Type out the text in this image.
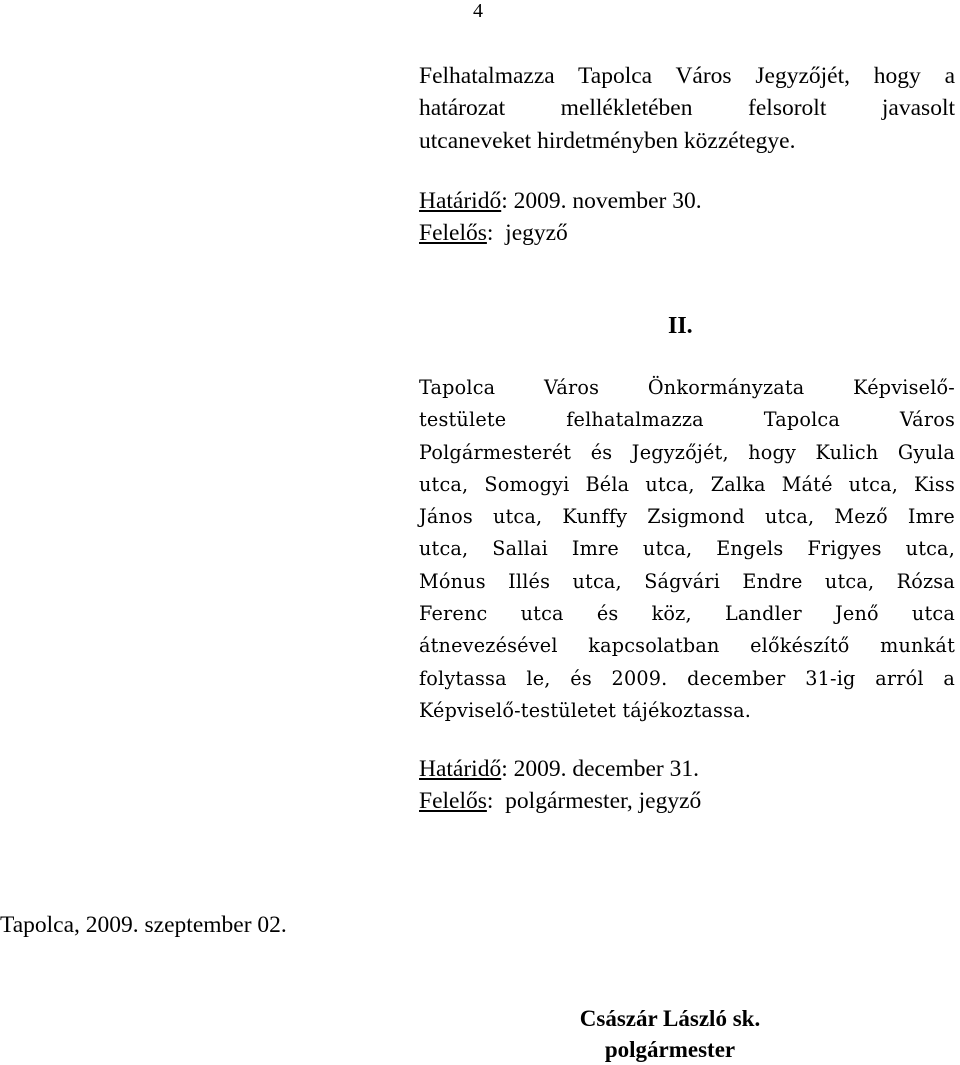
4
Felhatalmazza Tapolca Város Jegyzőjét, hogy a
határozat mellékletében felsorolt javasolt
utcaneveket hirdetményben közzétegye.
Határidő: 2009. november 30.
Felelős:  jegyző
II.
Tapolca Város Önkormányzata Képviselő-
testülete felhatalmazza Tapolca Város
Polgármesterét és Jegyzőjét, hogy Kulich Gyula
utca, Somogyi Béla utca, Zalka Máté utca, Kiss
János utca, Kunffy Zsigmond utca, Mező Imre
utca, Sallai Imre utca, Engels Frigyes utca,
Mónus Illés utca, Ságvári Endre utca, Rózsa
Ferenc utca és köz, Landler Jenő utca
átnevezésével kapcsolatban előkészítő munkát
folytassa le, és 2009. december 31-ig arról a
Képviselő-testületet tájékoztassa.
Határidő: 2009. december 31.
Felelős:  polgármester, jegyző
Tapolca, 2009. szeptember 02.
Császár László sk.
polgármester
